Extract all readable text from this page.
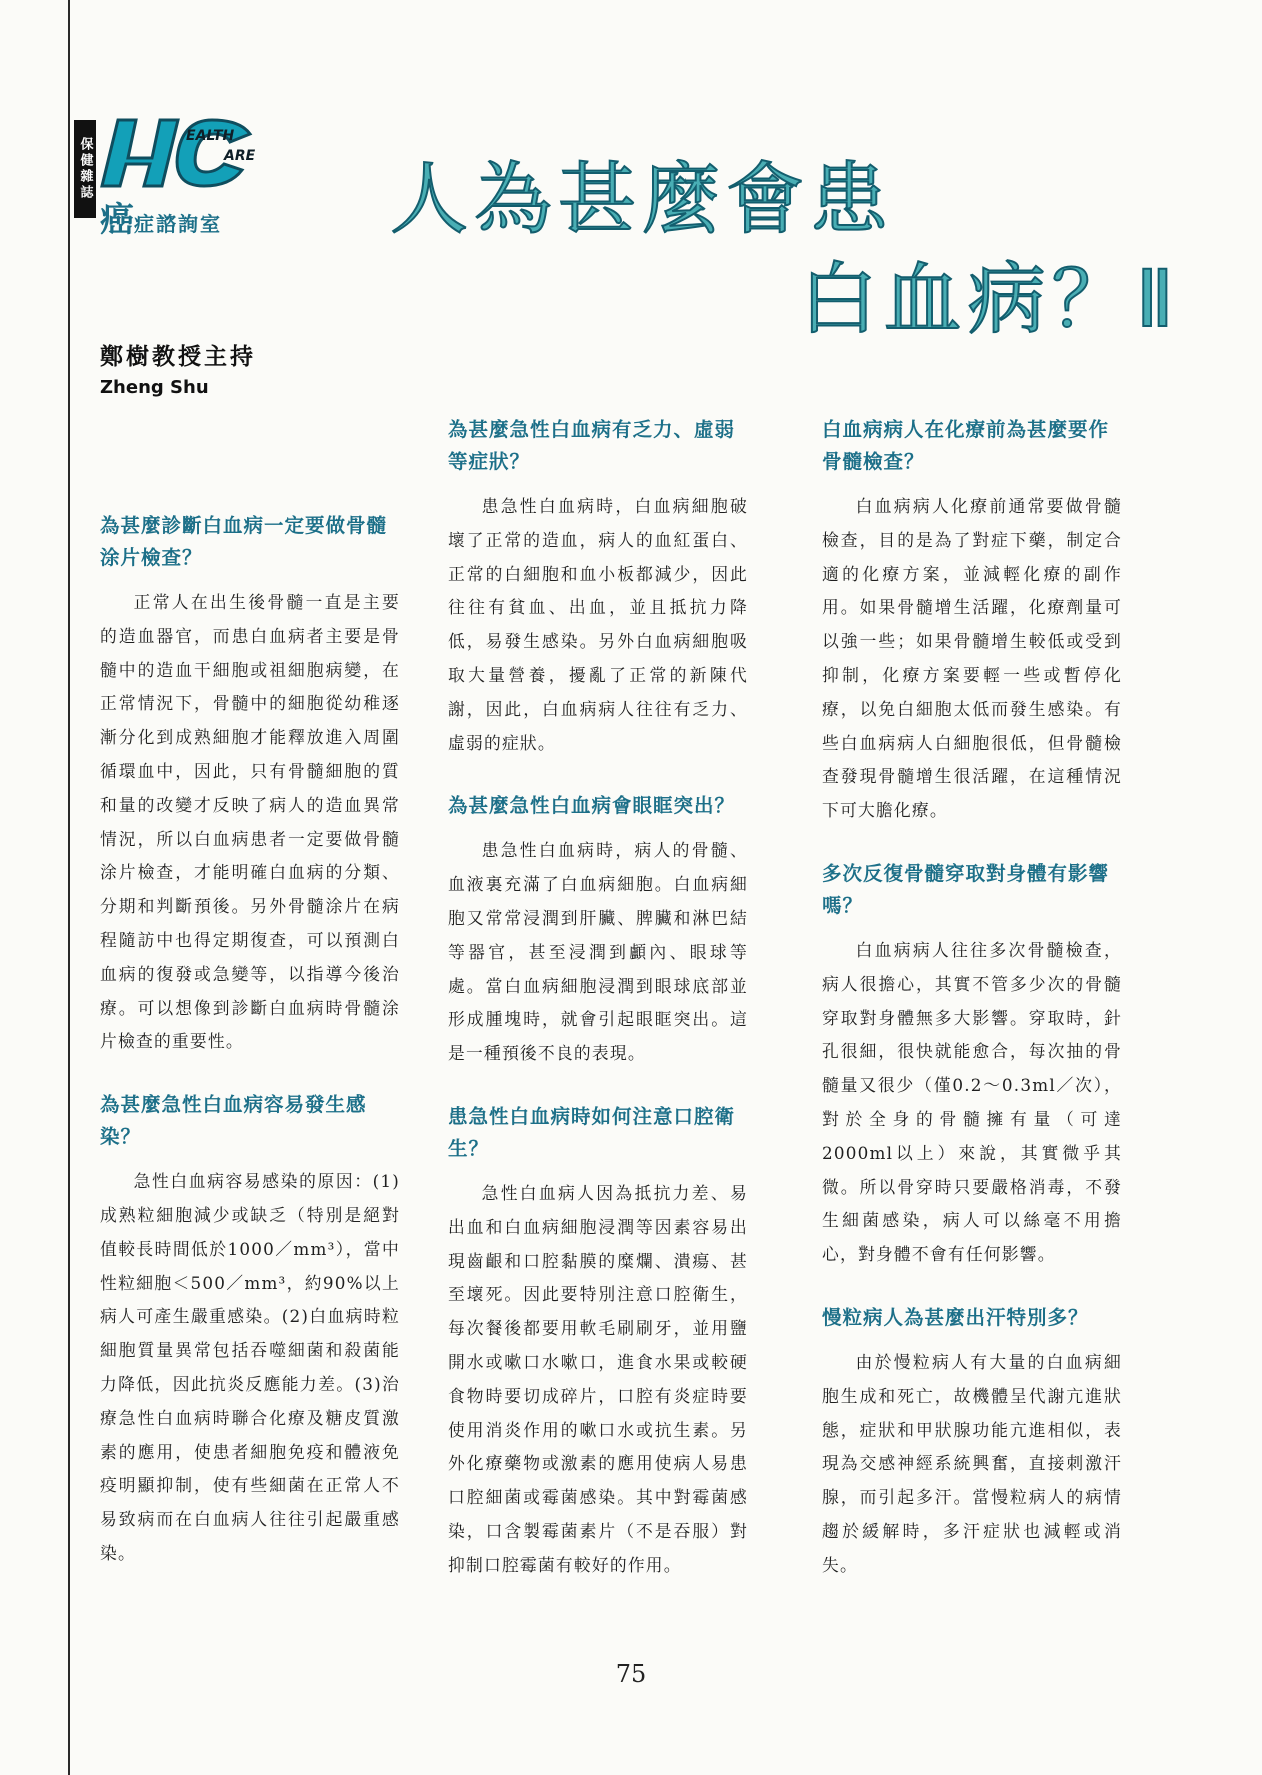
保健雜誌
EALTH
ARE
癌症諮詢室 人為甚麼會患
白血病？Ⅱ
鄭樹教授主持
Zheng Shu
為甚麼診斷白血病一定要做骨髓涂片檢查？

正常人在出生後骨髓一直是主要的造血器官，而患白血病者主要是骨髓中的造血干細胞或祖細胞病變，在正常情況下，骨髓中的細胞從幼稚逐漸分化到成熟細胞才能釋放進入周圍循環血中，因此，只有骨髓細胞的質和量的改變才反映了病人的造血異常情況，所以白血病患者一定要做骨髓涂片檢查，才能明確白血病的分類、分期和判斷預後。另外骨髓涂片在病程隨訪中也得定期復查，可以預測白血病的復發或急變等，以指導今後治療。可以想像到診斷白血病時骨髓涂片檢查的重要性。

為甚麼急性白血病容易發生感染？

急性白血病容易感染的原因：(1)成熟粒細胞減少或缺乏（特別是絕對值較長時間低於1000／mm³），當中性粒細胞＜500／mm³，約90%以上病人可產生嚴重感染。(2)白血病時粒細胞質量異常包括吞噬細菌和殺菌能力降低，因此抗炎反應能力差。(3)治療急性白血病時聯合化療及糖皮質激素的應用，使患者細胞免疫和體液免疫明顯抑制，使有些細菌在正常人不易致病而在白血病人往往引起嚴重感染。

為甚麼急性白血病有乏力、虛弱等症狀？

患急性白血病時，白血病細胞破壞了正常的造血，病人的血紅蛋白、正常的白細胞和血小板都減少，因此往往有貧血、出血，並且抵抗力降低，易發生感染。另外白血病細胞吸取大量營養，擾亂了正常的新陳代謝，因此，白血病病人往往有乏力、虛弱的症狀。

為甚麼急性白血病會眼眶突出？

患急性白血病時，病人的骨髓、血液裏充滿了白血病細胞。白血病細胞又常常浸潤到肝臟、脾臟和淋巴結等器官，甚至浸潤到顱內、眼球等處。當白血病細胞浸潤到眼球底部並形成腫塊時，就會引起眼眶突出。這是一種預後不良的表現。

患急性白血病時如何注意口腔衛生？

急性白血病人因為抵抗力差、易出血和白血病細胞浸潤等因素容易出現齒齦和口腔黏膜的糜爛、潰瘍、甚至壞死。因此要特別注意口腔衛生，每次餐後都要用軟毛刷刷牙，並用鹽開水或嗽口水嗽口，進食水果或較硬食物時要切成碎片，口腔有炎症時要使用消炎作用的嗽口水或抗生素。另外化療藥物或激素的應用使病人易患口腔細菌或霉菌感染。其中對霉菌感染，口含製霉菌素片（不是吞服）對抑制口腔霉菌有較好的作用。

白血病病人在化療前為甚麼要作骨髓檢查？

白血病病人化療前通常要做骨髓檢查，目的是為了對症下藥，制定合適的化療方案，並減輕化療的副作用。如果骨髓增生活躍，化療劑量可以強一些；如果骨髓增生較低或受到抑制，化療方案要輕一些或暫停化療，以免白細胞太低而發生感染。有些白血病病人白細胞很低，但骨髓檢查發現骨髓增生很活躍，在這種情況下可大膽化療。

多次反復骨髓穿取對身體有影響嗎？

白血病病人往往多次骨髓檢查，病人很擔心，其實不管多少次的骨髓穿取對身體無多大影響。穿取時，針孔很細，很快就能愈合，每次抽的骨髓量又很少（僅0.2～0.3ml／次），對於全身的骨髓擁有量（可達2000ml以上）來說，其實微乎其微。所以骨穿時只要嚴格消毒，不發生細菌感染，病人可以絲毫不用擔心，對身體不會有任何影響。

慢粒病人為甚麼出汗特別多？

由於慢粒病人有大量的白血病細胞生成和死亡，故機體呈代謝亢進狀態，症狀和甲狀腺功能亢進相似，表現為交感神經系統興奮，直接刺激汗腺，而引起多汗。當慢粒病人的病情趨於緩解時，多汗症狀也減輕或消失。

75
